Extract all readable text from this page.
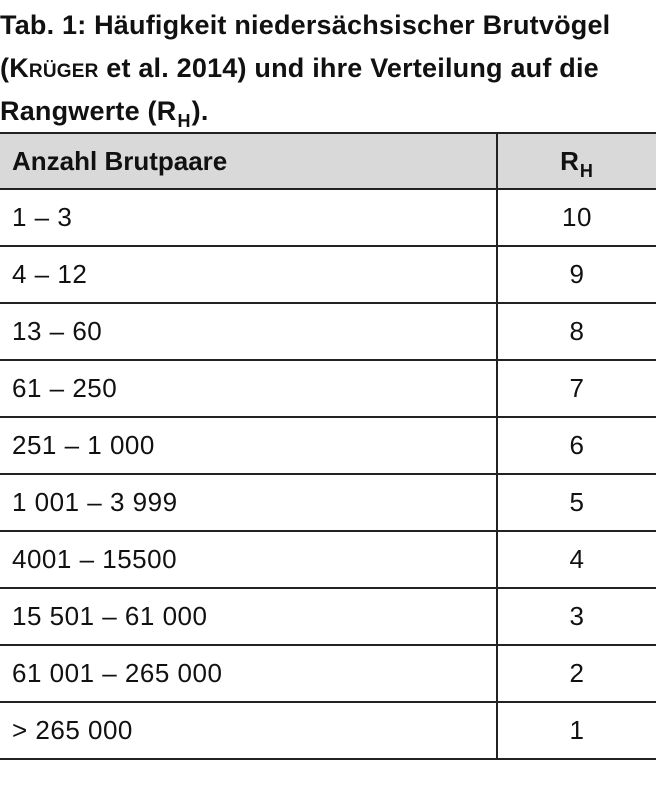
Tab. 1: Häufigkeit niedersächsischer Brutvögel
(Krüger et al. 2014) und ihre Verteilung auf die
Rangwerte $(R_H)$.
Anzahl Brutpaare	$R_H$
1 – 3	10
4 – 12	9
13 – 60	8
61 – 250	7
251 – 1 000	6
1 001 – 3 999	5
4001 – 15500	4
15 501 – 61 000	3
61 001 – 265 000	2
> 265 000	1
